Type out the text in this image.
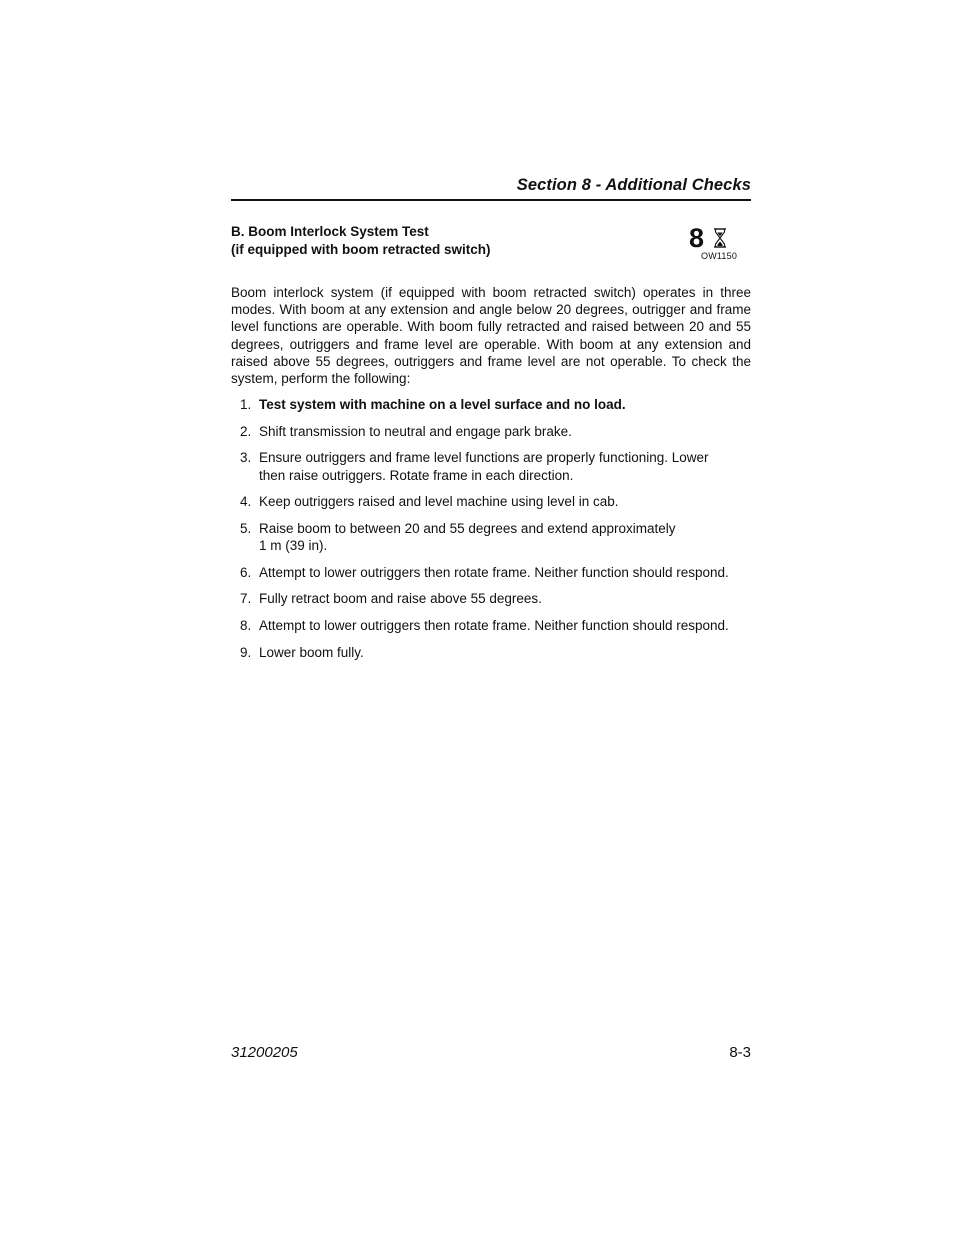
Section 8 - Additional Checks
B. Boom Interlock System Test
(if equipped with boom retracted switch)	8
OW1150

Boom interlock system (if equipped with boom retracted switch) operates in three modes. With boom at any extension and angle below 20 degrees, outrigger and frame level functions are operable. With boom fully retracted and raised between 20 and 55 degrees, outriggers and frame level are operable. With boom at any extension and raised above 55 degrees, outriggers and frame level are not operable. To check the system, perform the following:

1. Test system with machine on a level surface and no load.
2. Shift transmission to neutral and engage park brake.
3. Ensure outriggers and frame level functions are properly functioning. Lower
then raise outriggers. Rotate frame in each direction.
4. Keep outriggers raised and level machine using level in cab.
5. Raise boom to between 20 and 55 degrees and extend approximately
1 m (39 in).
6. Attempt to lower outriggers then rotate frame. Neither function should respond.
7. Fully retract boom and raise above 55 degrees.
8. Attempt to lower outriggers then rotate frame. Neither function should respond.
9. Lower boom fully.
31200205	8-3
